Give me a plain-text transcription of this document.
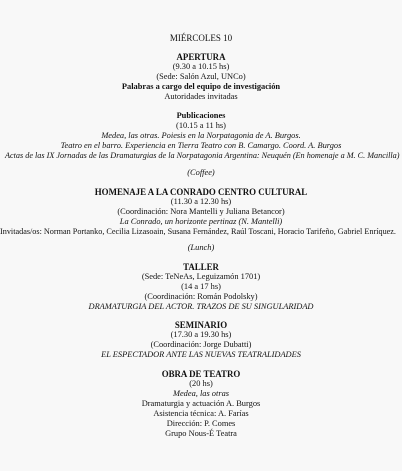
MIÉRCOLES 10
APERTURA
(9.30 a 10.15 hs)
(Sede: Salón Azul, UNCo)
Palabras a cargo del equipo de investigación
Autoridades invitadas
Publicaciones
(10.15 a 11 hs)
Medea, las otras. Poiesis en la Norpatagonia de A. Burgos.
Teatro en el barro. Experiencia en Tierra Teatro con B. Camargo. Coord. A. Burgos
Actas de las IX Jornadas de las Dramaturgias de la Norpatagonia Argentina: Neuquén (En homenaje a M. C. Mancilla)
(Coffee)
HOMENAJE A LA CONRADO CENTRO CULTURAL
(11.30 a 12.30 hs)
(Coordinación: Nora Mantelli y Juliana Betancor)
La Conrado, un horizonte pertinaz (N. Mantelli)
Invitadas/os: Norman Portanko, Cecilia Lizasoain, Susana Fernández, Raúl Toscani, Horacio Tarifeño, Gabriel Enríquez.
(Lunch)
TALLER
(Sede: TeNeAs, Leguizamón 1701)
(14 a 17 hs)
(Coordinación: Román Podolsky)
DRAMATURGIA DEL ACTOR. TRAZOS DE SU SINGULARIDAD
SEMINARIO
(17.30 a 19.30 hs)
(Coordinación: Jorge Dubatti)
EL ESPECTADOR ANTE LAS NUEVAS TEATRALIDADES
OBRA DE TEATRO
(20 hs)
Medea, las otras
Dramaturgia y actuación A. Burgos
Asistencia técnica: A. Farías
Dirección: P. Comes
Grupo Nous-É Teatra
